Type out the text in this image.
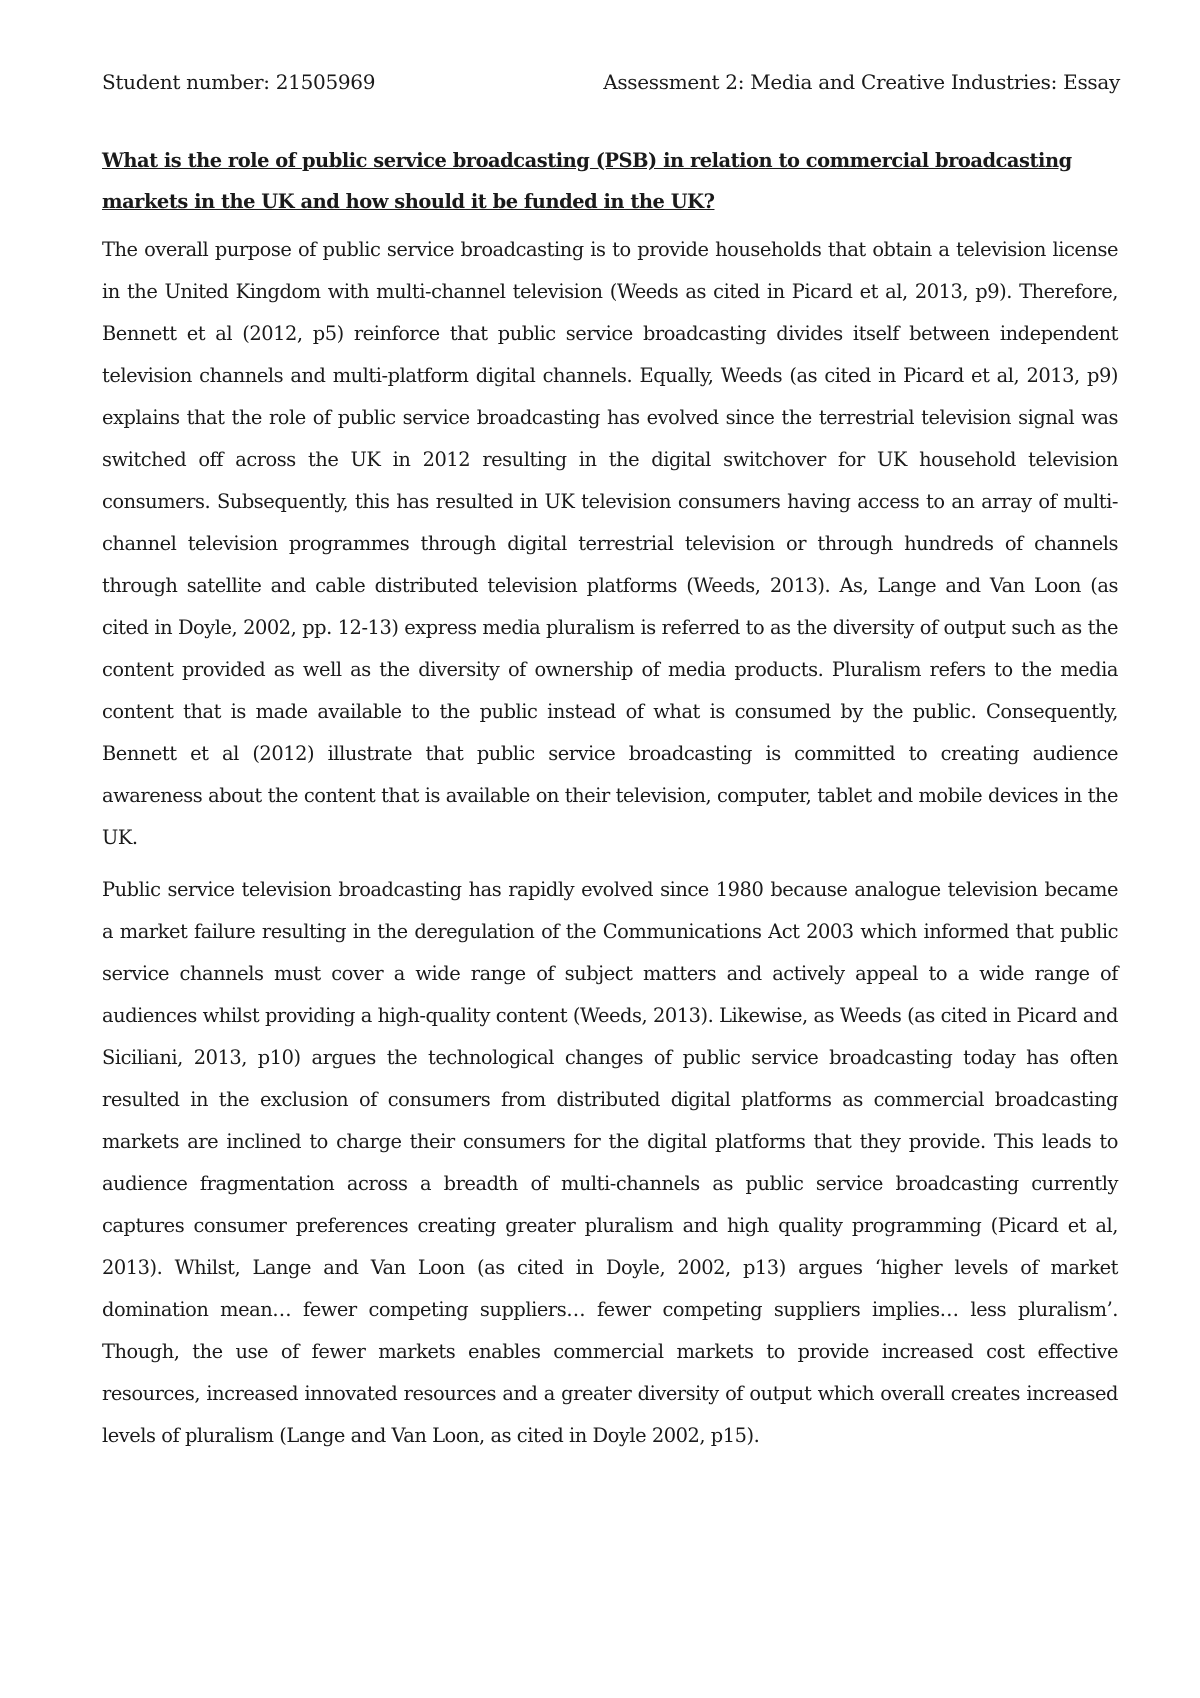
Student number: 21505969	Assessment 2: Media and Creative Industries: Essay
What is the role of public service broadcasting (PSB) in relation to commercial broadcasting markets in the UK and how should it be funded in the UK?

The overall purpose of public service broadcasting is to provide households that obtain a television license in the United Kingdom with multi-channel television (Weeds as cited in Picard et al, 2013, p9). Therefore, Bennett et al (2012, p5) reinforce that public service broadcasting divides itself between independent television channels and multi-platform digital channels. Equally, Weeds (as cited in Picard et al, 2013, p9) explains that the role of public service broadcasting has evolved since the terrestrial television signal was switched off across the UK in 2012 resulting in the digital switchover for UK household television consumers. Subsequently, this has resulted in UK television consumers having access to an array of multi-channel television programmes through digital terrestrial television or through hundreds of channels through satellite and cable distributed television platforms (Weeds, 2013). As, Lange and Van Loon (as cited in Doyle, 2002, pp. 12-13) express media pluralism is referred to as the diversity of output such as the content provided as well as the diversity of ownership of media products. Pluralism refers to the media content that is made available to the public instead of what is consumed by the public. Consequently, Bennett et al (2012) illustrate that public service broadcasting is committed to creating audience awareness about the content that is available on their television, computer, tablet and mobile devices in the UK.

Public service television broadcasting has rapidly evolved since 1980 because analogue television became a market failure resulting in the deregulation of the Communications Act 2003 which informed that public service channels must cover a wide range of subject matters and actively appeal to a wide range of audiences whilst providing a high-quality content (Weeds, 2013). Likewise, as Weeds (as cited in Picard and Siciliani, 2013, p10) argues the technological changes of public service broadcasting today has often resulted in the exclusion of consumers from distributed digital platforms as commercial broadcasting markets are inclined to charge their consumers for the digital platforms that they provide. This leads to audience fragmentation across a breadth of multi-channels as public service broadcasting currently captures consumer preferences creating greater pluralism and high quality programming (Picard et al, 2013). Whilst, Lange and Van Loon (as cited in Doyle, 2002, p13) argues ‘higher levels of market domination mean… fewer competing suppliers… fewer competing suppliers implies… less pluralism’. Though, the use of fewer markets enables commercial markets to provide increased cost effective resources, increased innovated resources and a greater diversity of output which overall creates increased levels of pluralism (Lange and Van Loon, as cited in Doyle 2002, p15).
